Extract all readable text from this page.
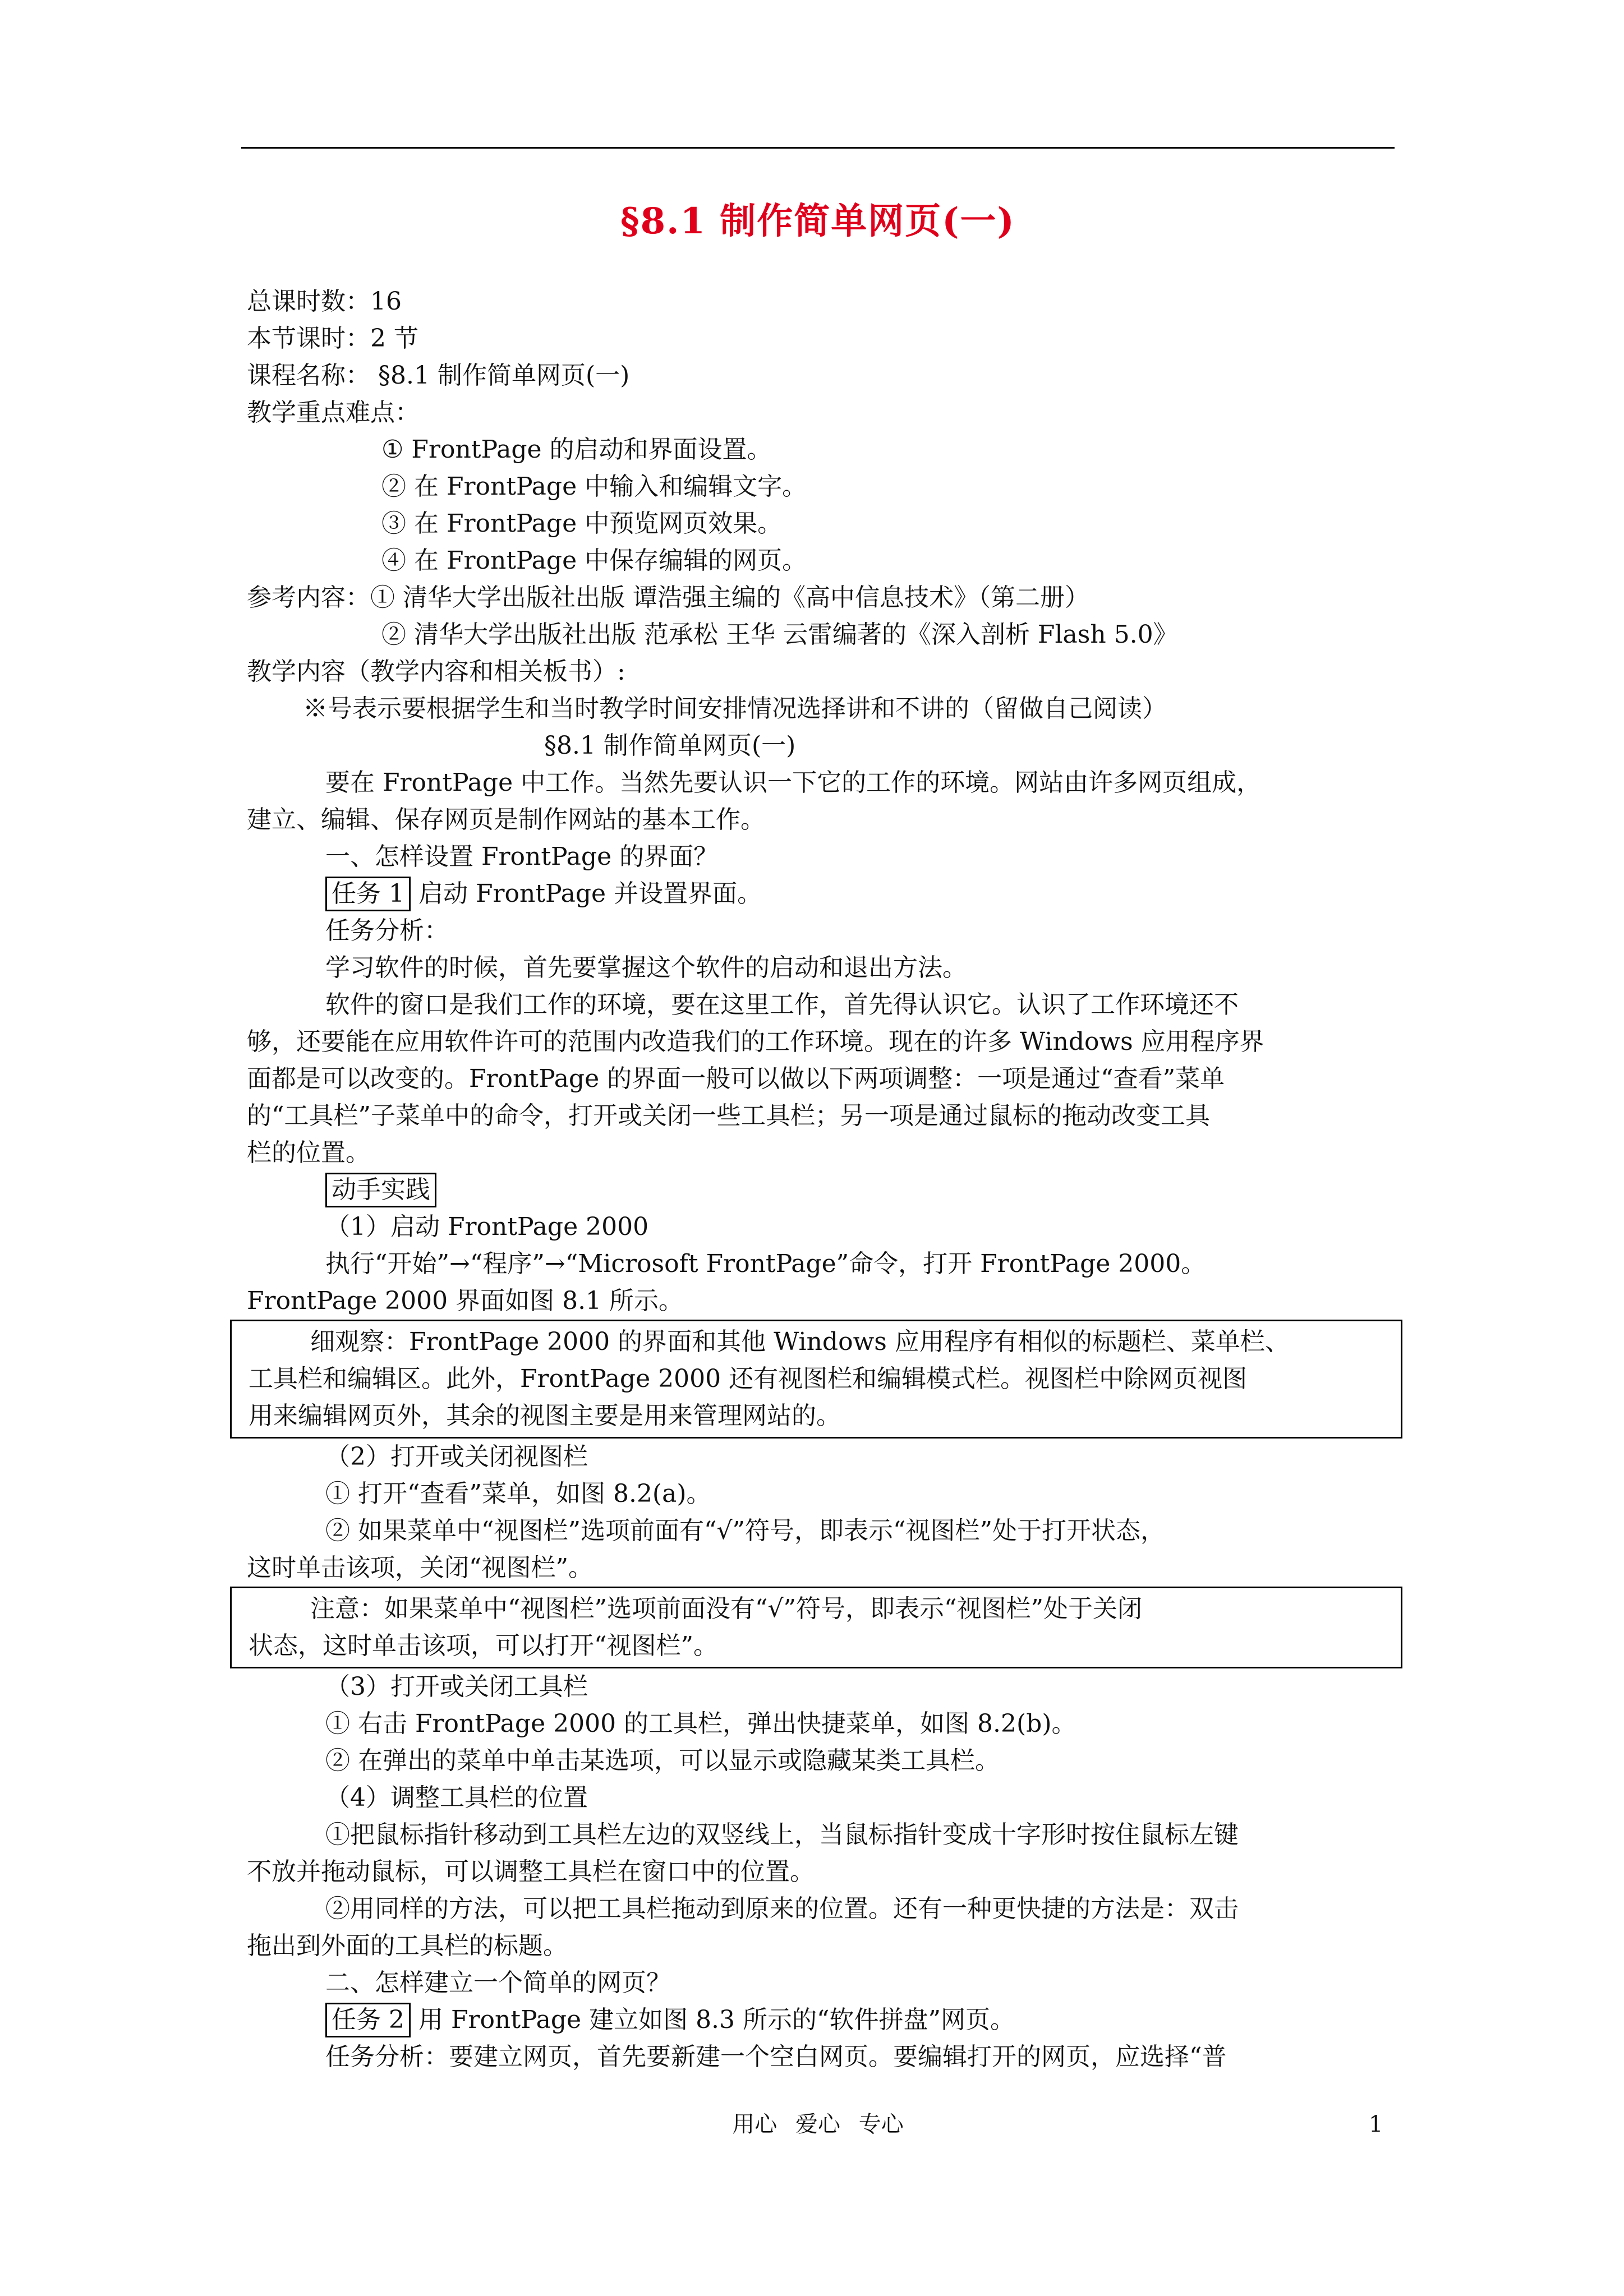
§8.1 制作简单网页(一)
总课时数：16
本节课时：2 节
课程名称： §8.1 制作简单网页(一)
教学重点难点：
① FrontPage 的启动和界面设置。
② 在 FrontPage 中输入和编辑文字。
③ 在 FrontPage 中预览网页效果。
④ 在 FrontPage 中保存编辑的网页。
参考内容：① 清华大学出版社出版 谭浩强主编的《高中信息技术》（第二册）
② 清华大学出版社出版 范承松 王华 云雷编著的《深入剖析 Flash 5.0》
教学内容（教学内容和相关板书）:
※号表示要根据学生和当时教学时间安排情况选择讲和不讲的（留做自己阅读）
§8.1 制作简单网页(一)
要在 FrontPage 中工作。当然先要认识一下它的工作的环境。网站由许多网页组成，
建立、编辑、保存网页是制作网站的基本工作。
一、怎样设置 FrontPage 的界面？
任务 1 启动 FrontPage 并设置界面。
任务分析：
学习软件的时候，首先要掌握这个软件的启动和退出方法。
软件的窗口是我们工作的环境，要在这里工作，首先得认识它。认识了工作环境还不
够，还要能在应用软件许可的范围内改造我们的工作环境。现在的许多 Windows 应用程序界
面都是可以改变的。FrontPage 的界面一般可以做以下两项调整：一项是通过“查看”菜单
的“工具栏”子菜单中的命令，打开或关闭一些工具栏；另一项是通过鼠标的拖动改变工具
栏的位置。
动手实践
（1）启动 FrontPage 2000
执行“开始”→“程序”→“Microsoft FrontPage”命令，打开 FrontPage 2000。
FrontPage 2000 界面如图 8.1 所示。
细观察：FrontPage 2000 的界面和其他 Windows 应用程序有相似的标题栏、菜单栏、
工具栏和编辑区。此外，FrontPage 2000 还有视图栏和编辑模式栏。视图栏中除网页视图
用来编辑网页外，其余的视图主要是用来管理网站的。
（2）打开或关闭视图栏
① 打开“查看”菜单，如图 8.2(a)。
② 如果菜单中“视图栏”选项前面有“√”符号，即表示“视图栏”处于打开状态，
这时单击该项，关闭“视图栏”。
注意：如果菜单中“视图栏”选项前面没有“√”符号，即表示“视图栏”处于关闭
状态，这时单击该项，可以打开“视图栏”。
（3）打开或关闭工具栏
① 右击 FrontPage 2000 的工具栏，弹出快捷菜单，如图 8.2(b)。
② 在弹出的菜单中单击某选项，可以显示或隐藏某类工具栏。
（4）调整工具栏的位置
①把鼠标指针移动到工具栏左边的双竖线上，当鼠标指针变成十字形时按住鼠标左键
不放并拖动鼠标，可以调整工具栏在窗口中的位置。
②用同样的方法，可以把工具栏拖动到原来的位置。还有一种更快捷的方法是：双击
拖出到外面的工具栏的标题。
二、怎样建立一个简单的网页？
任务 2 用 FrontPage 建立如图 8.3 所示的“软件拼盘”网页。
任务分析：要建立网页，首先要新建一个空白网页。要编辑打开的网页，应选择“普
用心 爱心 专心	1
